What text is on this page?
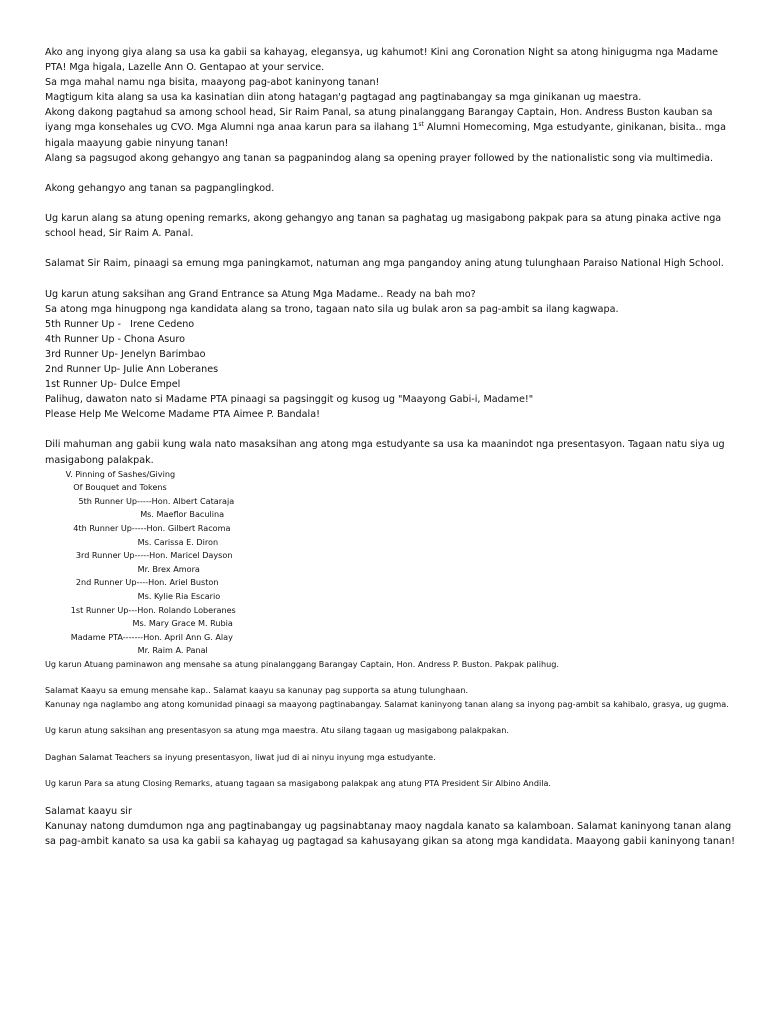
Ako ang inyong giya alang sa usa ka gabii sa kahayag, elegansya, ug kahumot! Kini ang Coronation Night sa atong hinigugma nga Madame PTA! Mga higala, Lazelle Ann O. Gentapao at your service.

Sa mga mahal namu nga bisita, maayong pag-abot kaninyong tanan!

Magtigum kita alang sa usa ka kasinatian diin atong hatagan'g pagtagad ang pagtinabangay sa mga ginikanan ug maestra.

Akong dakong pagtahud sa among school head, Sir Raim Panal, sa atung pinalanggang Barangay Captain, Hon. Andress Buston kauban sa iyang mga konsehales ug CVO. Mga Alumni nga anaa karun para sa ilahang 1st Alumni Homecoming, Mga estudyante, ginikanan, bisita.. mga higala maayung gabie ninyung tanan!

Alang sa pagsugod akong gehangyo ang tanan sa pagpanindog alang sa opening prayer followed by the nationalistic song via multimedia.

Akong gehangyo ang tanan sa pagpanglingkod.

Ug karun alang sa atung opening remarks, akong gehangyo ang tanan sa paghatag ug masigabong pakpak para sa atung pinaka active nga school head, Sir Raim A. Panal.

Salamat Sir Raim, pinaagi sa emung mga paningkamot, natuman ang mga pangandoy aning atung tulunghaan Paraiso National High School.

Ug karun atung saksihan ang Grand Entrance sa Atung Mga Madame.. Ready na bah mo?

Sa atong mga hinugpong nga kandidata alang sa trono, tagaan nato sila ug bulak aron sa pag-ambit sa ilang kagwapa.

5th Runner Up -   Irene Cedeno

4th Runner Up - Chona Asuro

3rd Runner Up- Jenelyn Barimbao

2nd Runner Up- Julie Ann Loberanes

1st Runner Up- Dulce Empel

Palihug, dawaton nato si Madame PTA pinaagi sa pagsinggit og kusog ug "Maayong Gabi-i, Madame!"

Please Help Me Welcome Madame PTA Aimee P. Bandala!

Dili mahuman ang gabii kung wala nato masaksihan ang atong mga estudyante sa usa ka maanindot nga presentasyon. Tagaan natu siya ug masigabong palakpak.

V. Pinning of Sashes/Giving

Of Bouquet and Tokens

5th Runner Up-----Hon. Albert Cataraja

Ms. Maeflor Baculina

4th Runner Up-----Hon. Gilbert Racoma

Ms. Carissa E. Diron

3rd Runner Up-----Hon. Maricel Dayson

Mr. Brex Amora

2nd Runner Up----Hon. Ariel Buston

Ms. Kylie Ria Escario

1st Runner Up---Hon. Rolando Loberanes

Ms. Mary Grace M. Rubia

Madame PTA-------Hon. April Ann G. Alay

Mr. Raim A. Panal

Ug karun Atuang paminawon ang mensahe sa atung pinalanggang Barangay Captain, Hon. Andress P. Buston. Pakpak palihug.

Salamat Kaayu sa emung mensahe kap.. Salamat kaayu sa kanunay pag supporta sa atung tulunghaan.

Kanunay nga naglambo ang atong komunidad pinaagi sa maayong pagtinabangay. Salamat kaninyong tanan alang sa inyong pag-ambit sa kahibalo, grasya, ug gugma.

Ug karun atung saksihan ang presentasyon sa atung mga maestra. Atu silang tagaan ug masigabong palakpakan.

Daghan Salamat Teachers sa inyung presentasyon, liwat jud di ai ninyu inyung mga estudyante.

Ug karun Para sa atung Closing Remarks, atuang tagaan sa masigabong palakpak ang atung PTA President Sir Albino Andila.

Salamat kaayu sir

Kanunay natong dumdumon nga ang pagtinabangay ug pagsinabtanay maoy nagdala kanato sa kalamboan. Salamat kaninyong tanan alang sa pag-ambit kanato sa usa ka gabii sa kahayag ug pagtagad sa kahusayang gikan sa atong mga kandidata. Maayong gabii kaninyong tanan!
